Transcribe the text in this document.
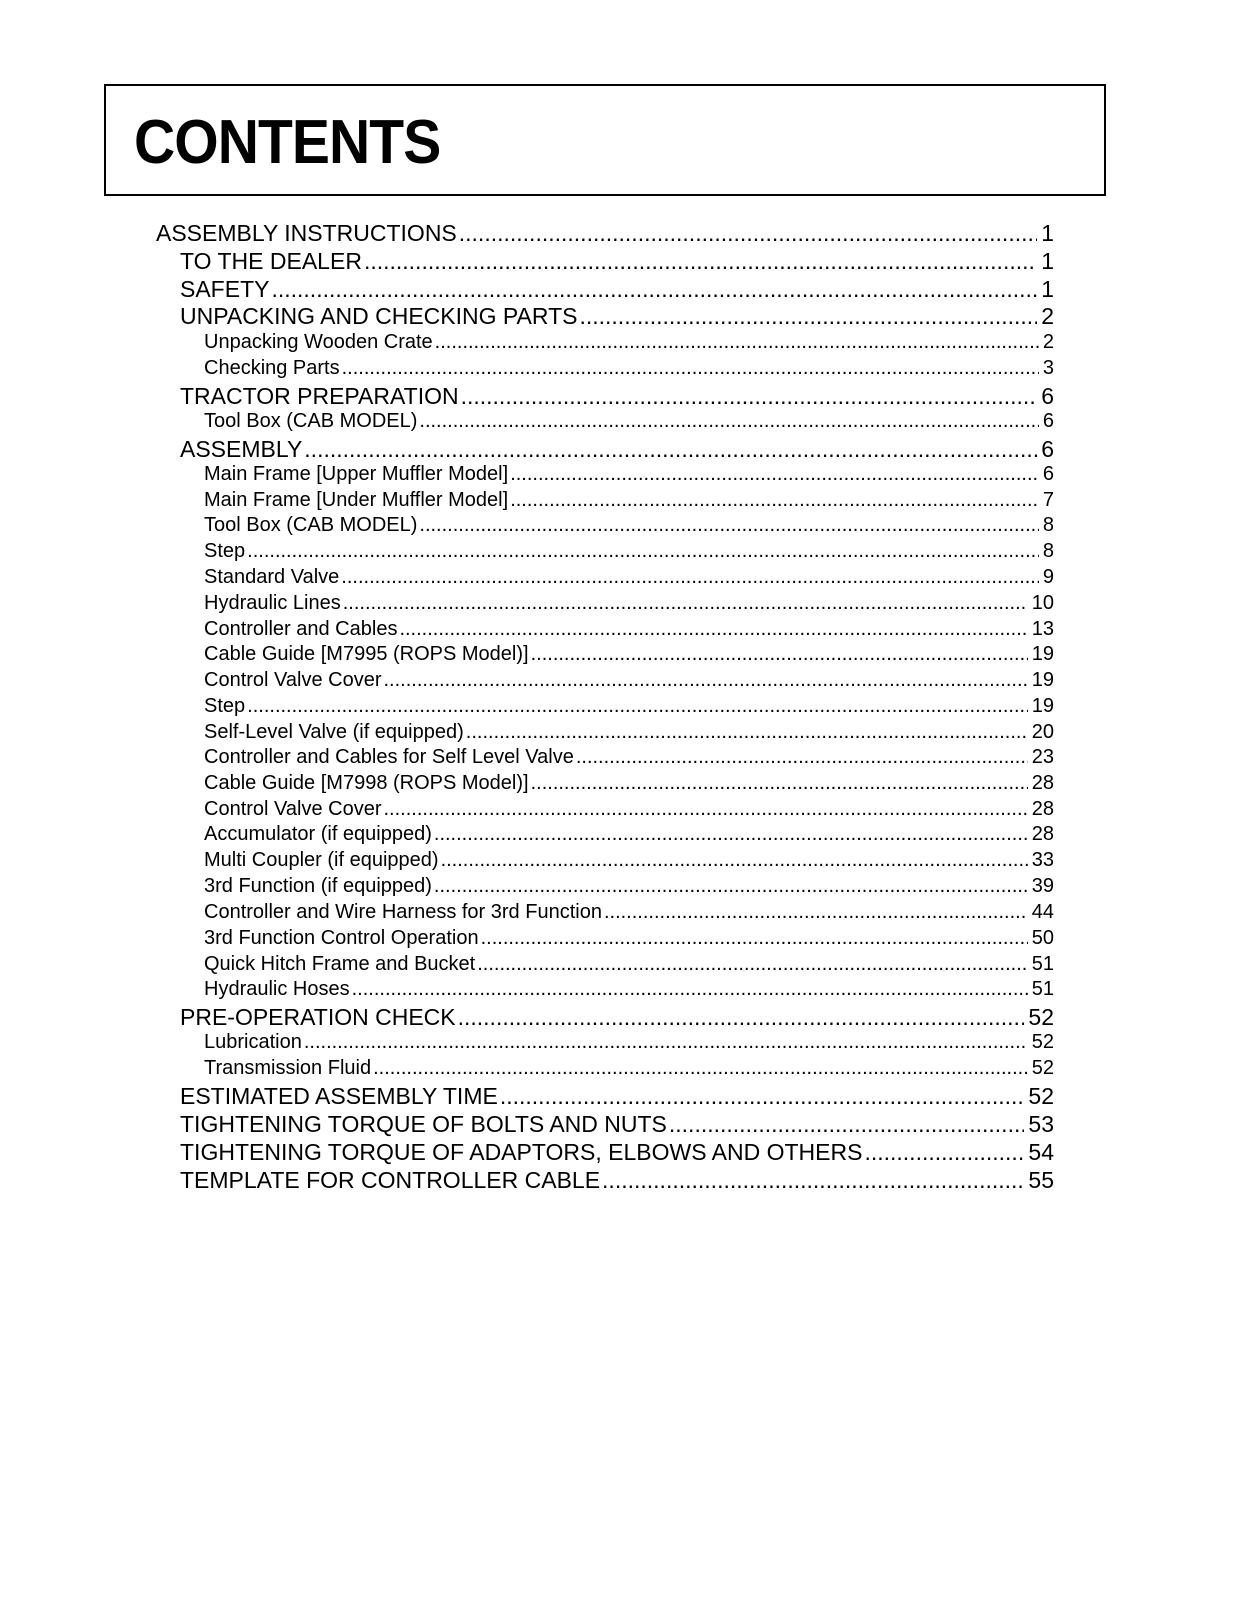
CONTENTS
ASSEMBLY INSTRUCTIONS .....	1
TO THE DEALER .....	1
SAFETY .....	1
UNPACKING AND CHECKING PARTS .....	2
Unpacking Wooden Crate .....	2
Checking Parts .....	3
TRACTOR PREPARATION .....	6
Tool Box (CAB MODEL) .....	6
ASSEMBLY .....	6
Main Frame [Upper Muffler Model] .....	6
Main Frame [Under Muffler Model] .....	7
Tool Box (CAB MODEL) .....	8
Step .....	8
Standard Valve .....	9
Hydraulic Lines .....	10
Controller and Cables .....	13
Cable Guide [M7995 (ROPS Model)] .....	19
Control Valve Cover .....	19
Step .....	19
Self-Level Valve (if equipped) .....	20
Controller and Cables for Self Level Valve .....	23
Cable Guide [M7998 (ROPS Model)] .....	28
Control Valve Cover .....	28
Accumulator (if equipped) .....	28
Multi Coupler (if equipped) .....	33
3rd Function (if equipped) .....	39
Controller and Wire Harness for 3rd Function .....	44
3rd Function Control Operation .....	50
Quick Hitch Frame and Bucket .....	51
Hydraulic Hoses .....	51
PRE-OPERATION CHECK .....	52
Lubrication .....	52
Transmission Fluid .....	52
ESTIMATED ASSEMBLY TIME .....	52
TIGHTENING TORQUE OF BOLTS AND NUTS .....	53
TIGHTENING TORQUE OF ADAPTORS, ELBOWS AND OTHERS .....	54
TEMPLATE FOR CONTROLLER CABLE .....	55
